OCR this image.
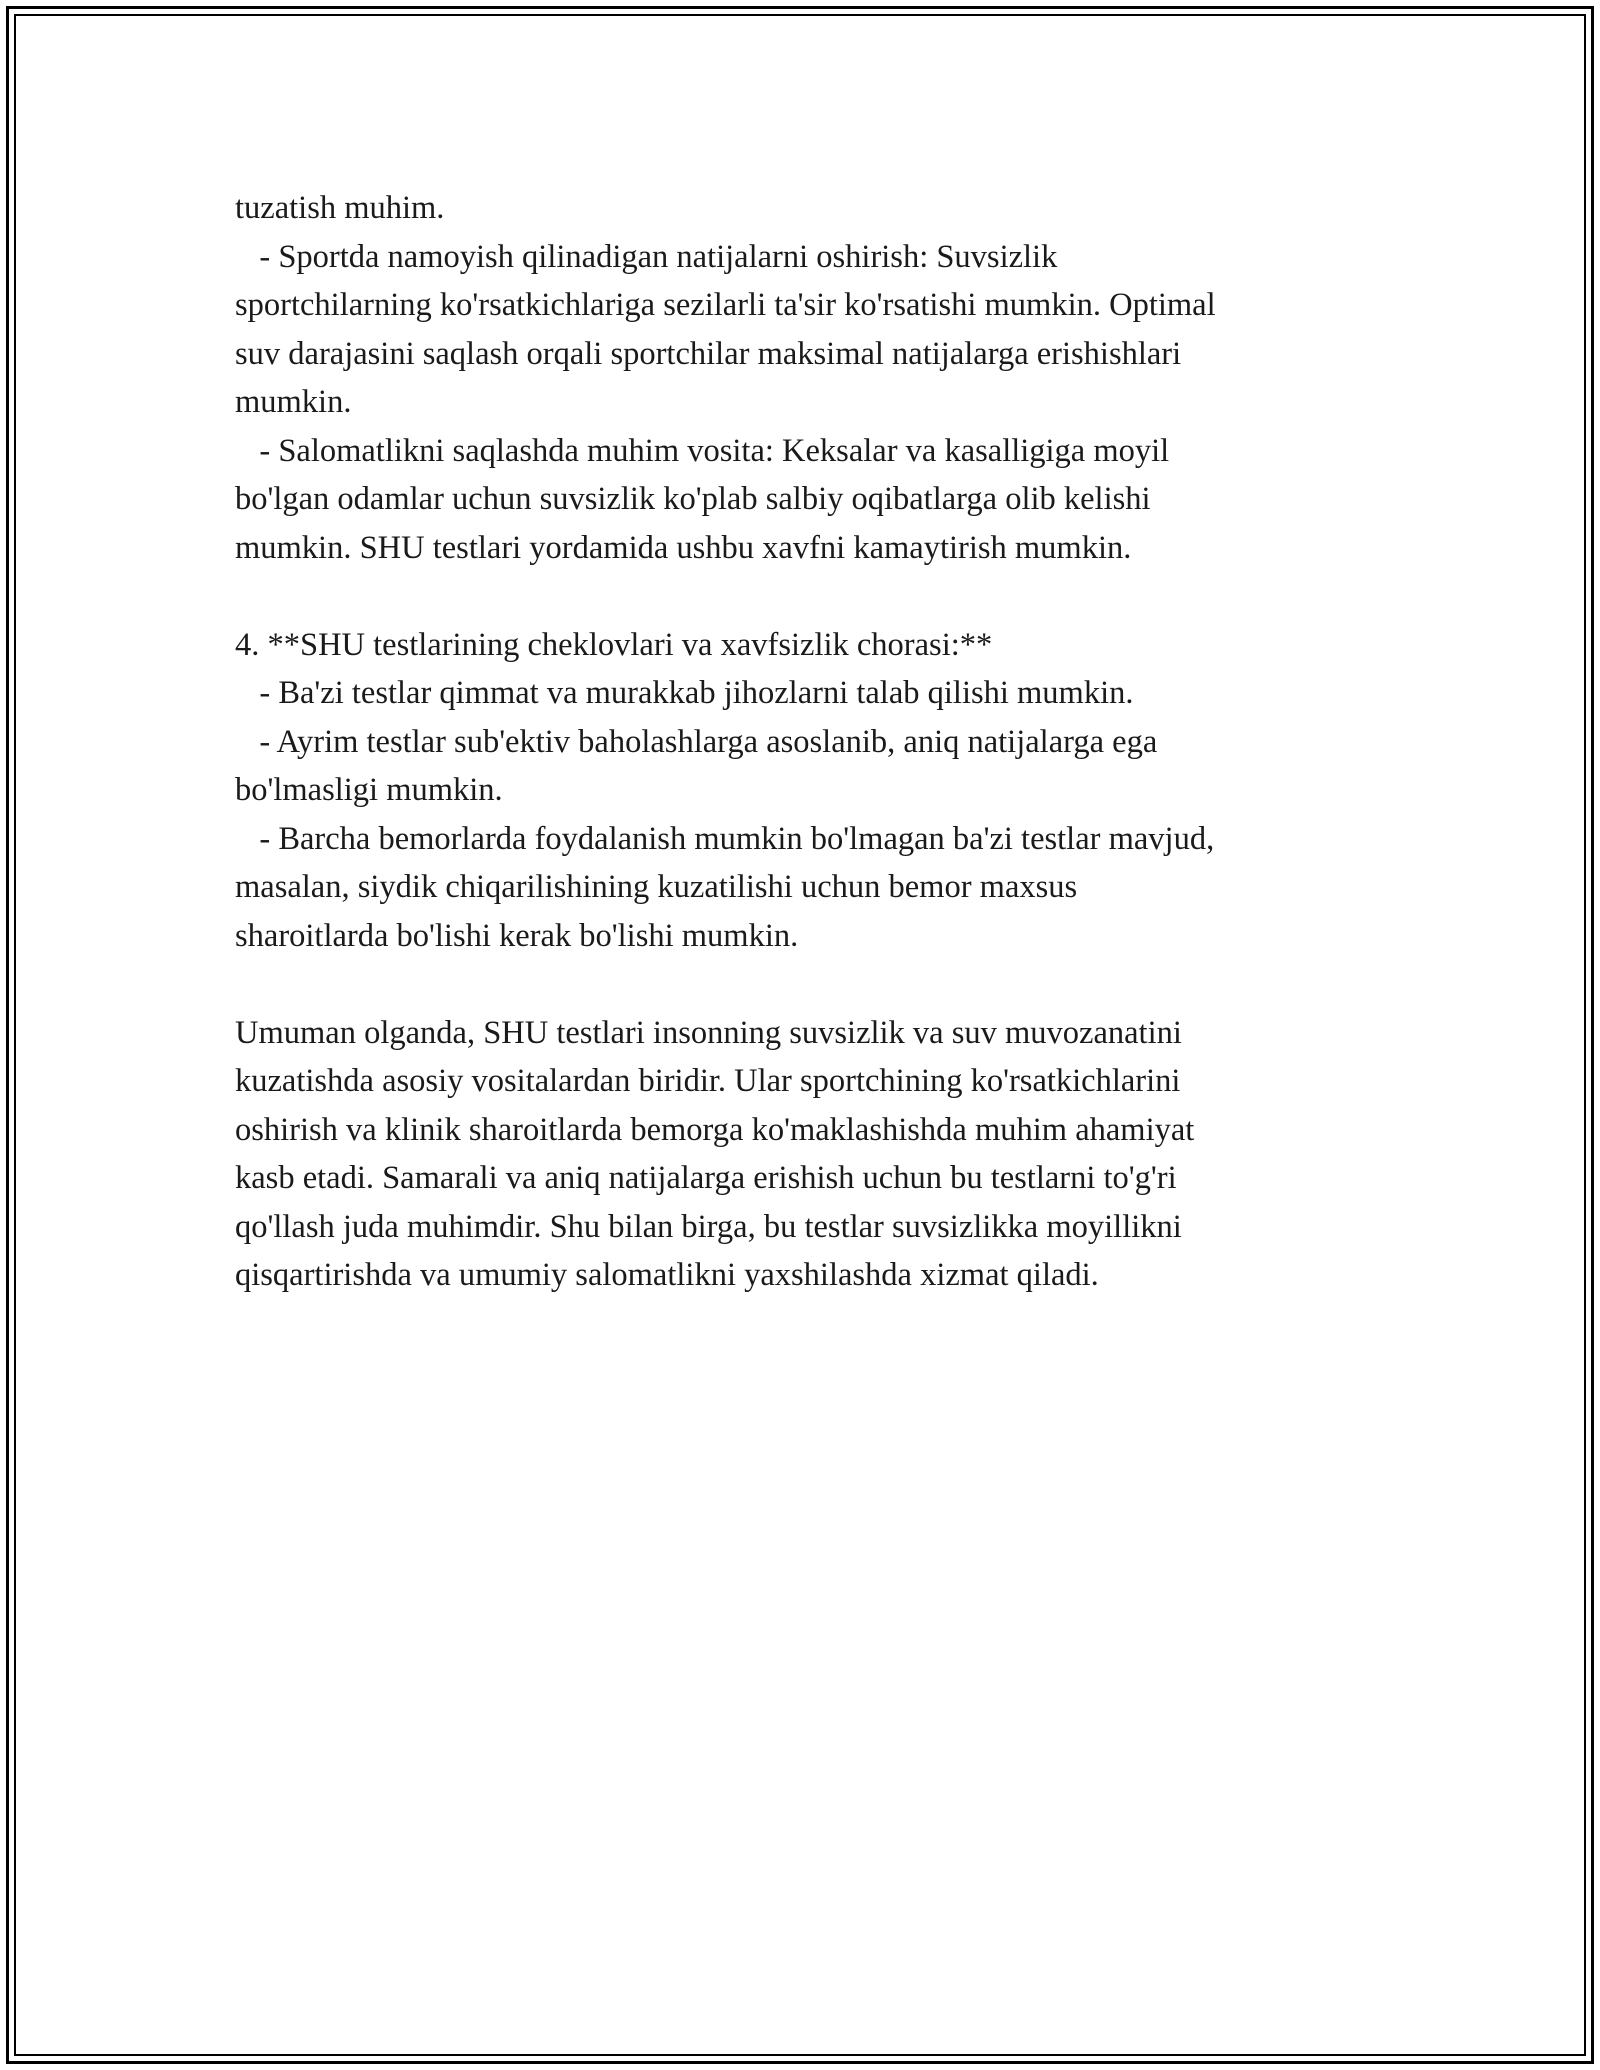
tuzatish muhim.
- Sportda namoyish qilinadigan natijalarni oshirish: Suvsizlik
sportchilarning ko'rsatkichlariga sezilarli ta'sir ko'rsatishi mumkin. Optimal
suv darajasini saqlash orqali sportchilar maksimal natijalarga erishishlari
mumkin.
- Salomatlikni saqlashda muhim vosita: Keksalar va kasalligiga moyil
bo'lgan odamlar uchun suvsizlik ko'plab salbiy oqibatlarga olib kelishi
mumkin. SHU testlari yordamida ushbu xavfni kamaytirish mumkin.
4. **SHU testlarining cheklovlari va xavfsizlik chorasi:**
- Ba'zi testlar qimmat va murakkab jihozlarni talab qilishi mumkin.
- Ayrim testlar sub'ektiv baholashlarga asoslanib, aniq natijalarga ega
bo'lmasligi mumkin.
- Barcha bemorlarda foydalanish mumkin bo'lmagan ba'zi testlar mavjud,
masalan, siydik chiqarilishining kuzatilishi uchun bemor maxsus
sharoitlarda bo'lishi kerak bo'lishi mumkin.
Umuman olganda, SHU testlari insonning suvsizlik va suv muvozanatini
kuzatishda asosiy vositalardan biridir. Ular sportchining ko'rsatkichlarini
oshirish va klinik sharoitlarda bemorga ko'maklashishda muhim ahamiyat
kasb etadi. Samarali va aniq natijalarga erishish uchun bu testlarni to'g'ri
qo'llash juda muhimdir. Shu bilan birga, bu testlar suvsizlikka moyillikni
qisqartirishda va umumiy salomatlikni yaxshilashda xizmat qiladi.
